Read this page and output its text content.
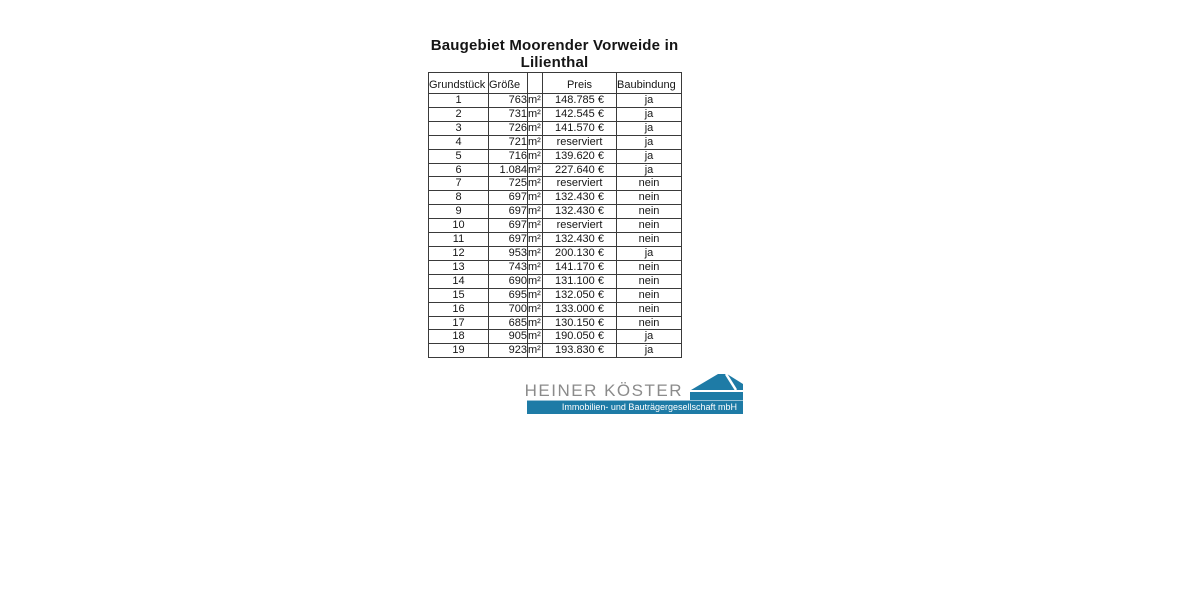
Baugebiet Moorender Vorweide in Lilienthal
Grundstück	Größe		Preis	Baubindung
1	763	m²	148.785 €	ja
2	731	m²	142.545 €	ja
3	726	m²	141.570 €	ja
4	721	m²	reserviert	ja
5	716	m²	139.620 €	ja
6	1.084	m²	227.640 €	ja
7	725	m²	reserviert	nein
8	697	m²	132.430 €	nein
9	697	m²	132.430 €	nein
10	697	m²	reserviert	nein
11	697	m²	132.430 €	nein
12	953	m²	200.130 €	ja
13	743	m²	141.170 €	nein
14	690	m²	131.100 €	nein
15	695	m²	132.050 €	nein
16	700	m²	133.000 €	nein
17	685	m²	130.150 €	nein
18	905	m²	190.050 €	ja
19	923	m²	193.830 €	ja
HEINER KÖSTER
Immobilien- und Bauträgergesellschaft mbH
